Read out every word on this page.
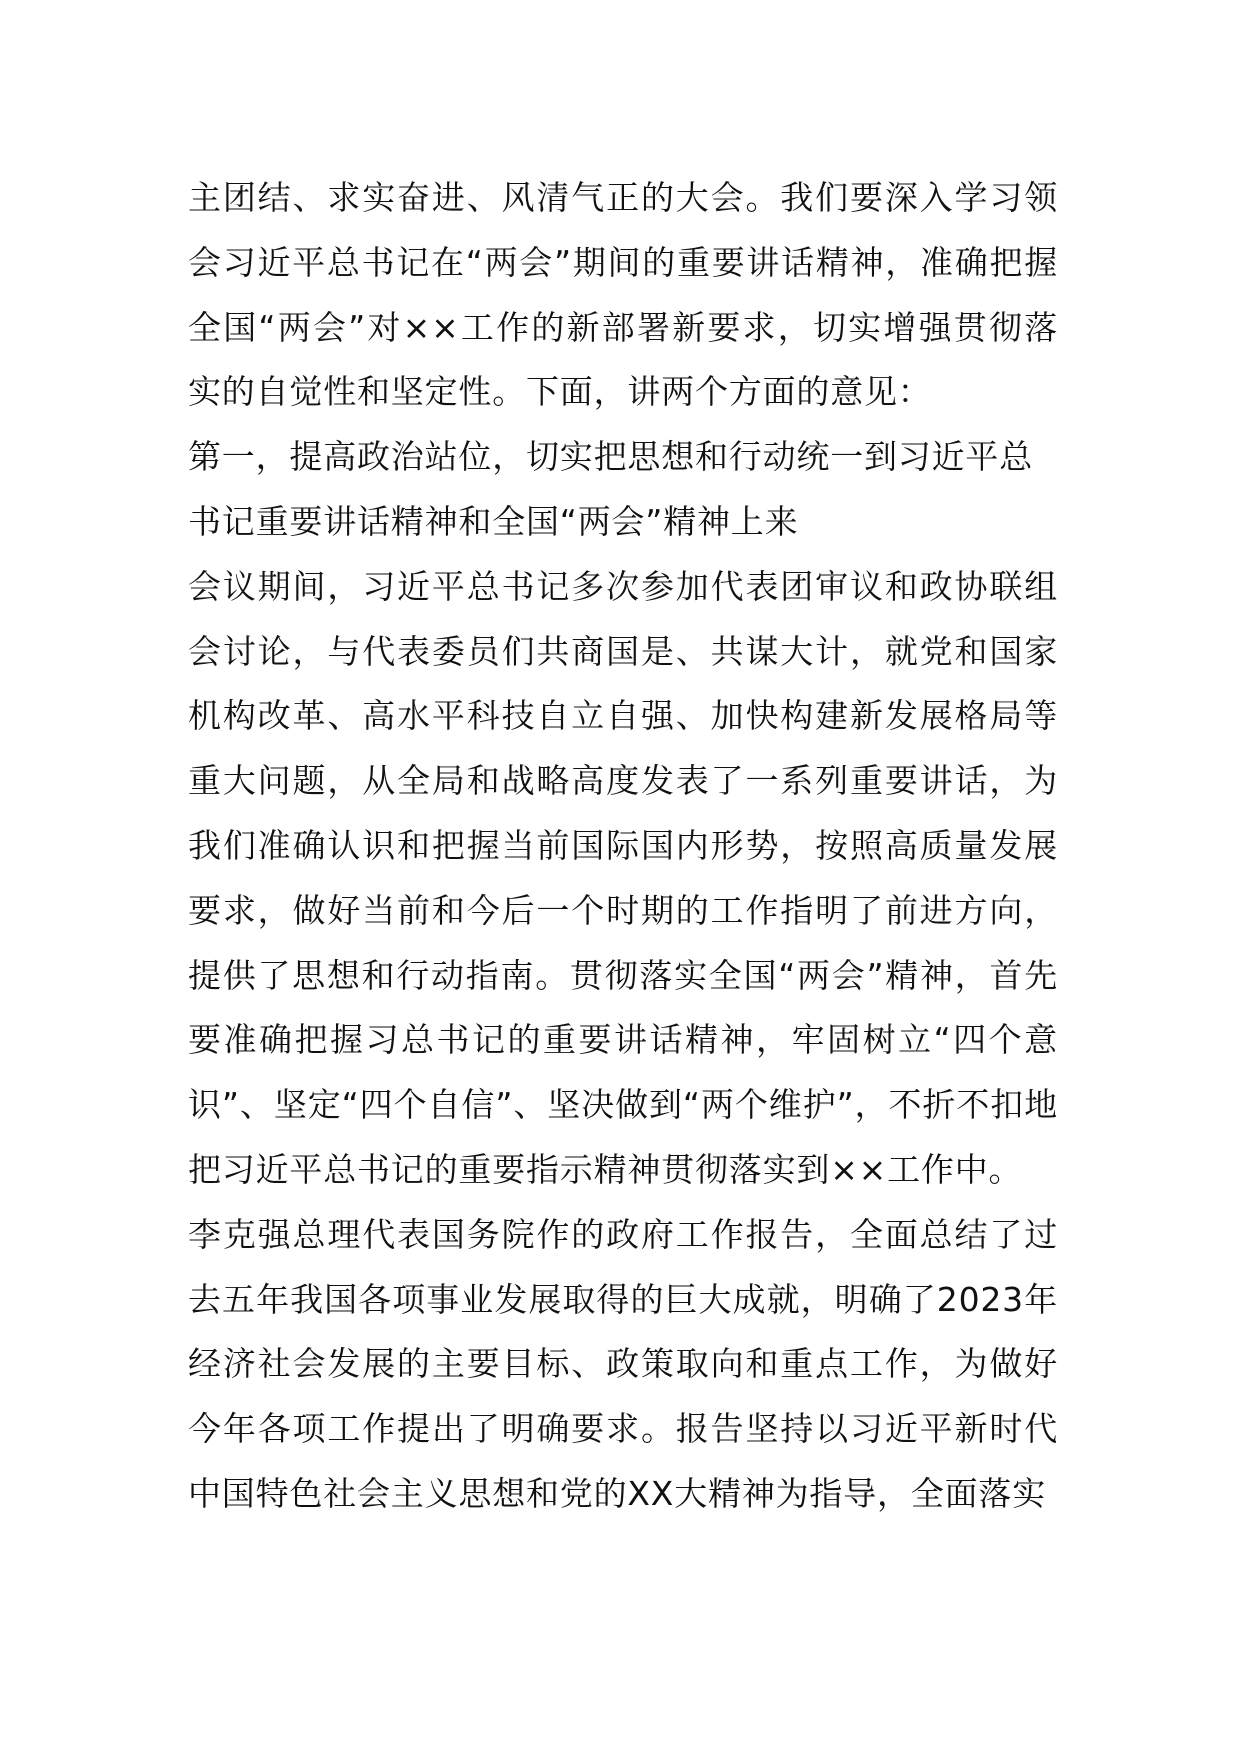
主团结、求实奋进、风清气正的大会。我们要深入学习领会习近平总书记在“两会”期间的重要讲话精神，准确把握全国“两会”对××工作的新部署新要求，切实增强贯彻落实的自觉性和坚定性。下面，讲两个方面的意见：

第一，提高政治站位，切实把思想和行动统一到习近平总书记重要讲话精神和全国“两会”精神上来

会议期间，习近平总书记多次参加代表团审议和政协联组会讨论，与代表委员们共商国是、共谋大计，就党和国家机构改革、高水平科技自立自强、加快构建新发展格局等重大问题，从全局和战略高度发表了一系列重要讲话，为我们准确认识和把握当前国际国内形势，按照高质量发展要求，做好当前和今后一个时期的工作指明了前进方向，提供了思想和行动指南。贯彻落实全国“两会”精神，首先要准确把握习总书记的重要讲话精神，牢固树立“四个意识”、坚定“四个自信”、坚决做到“两个维护”，不折不扣地把习近平总书记的重要指示精神贯彻落实到××工作中。

李克强总理代表国务院作的政府工作报告，全面总结了过去五年我国各项事业发展取得的巨大成就，明确了2023年经济社会发展的主要目标、政策取向和重点工作，为做好今年各项工作提出了明确要求。报告坚持以习近平新时代中国特色社会主义思想和党的XX大精神为指导，全面落实
